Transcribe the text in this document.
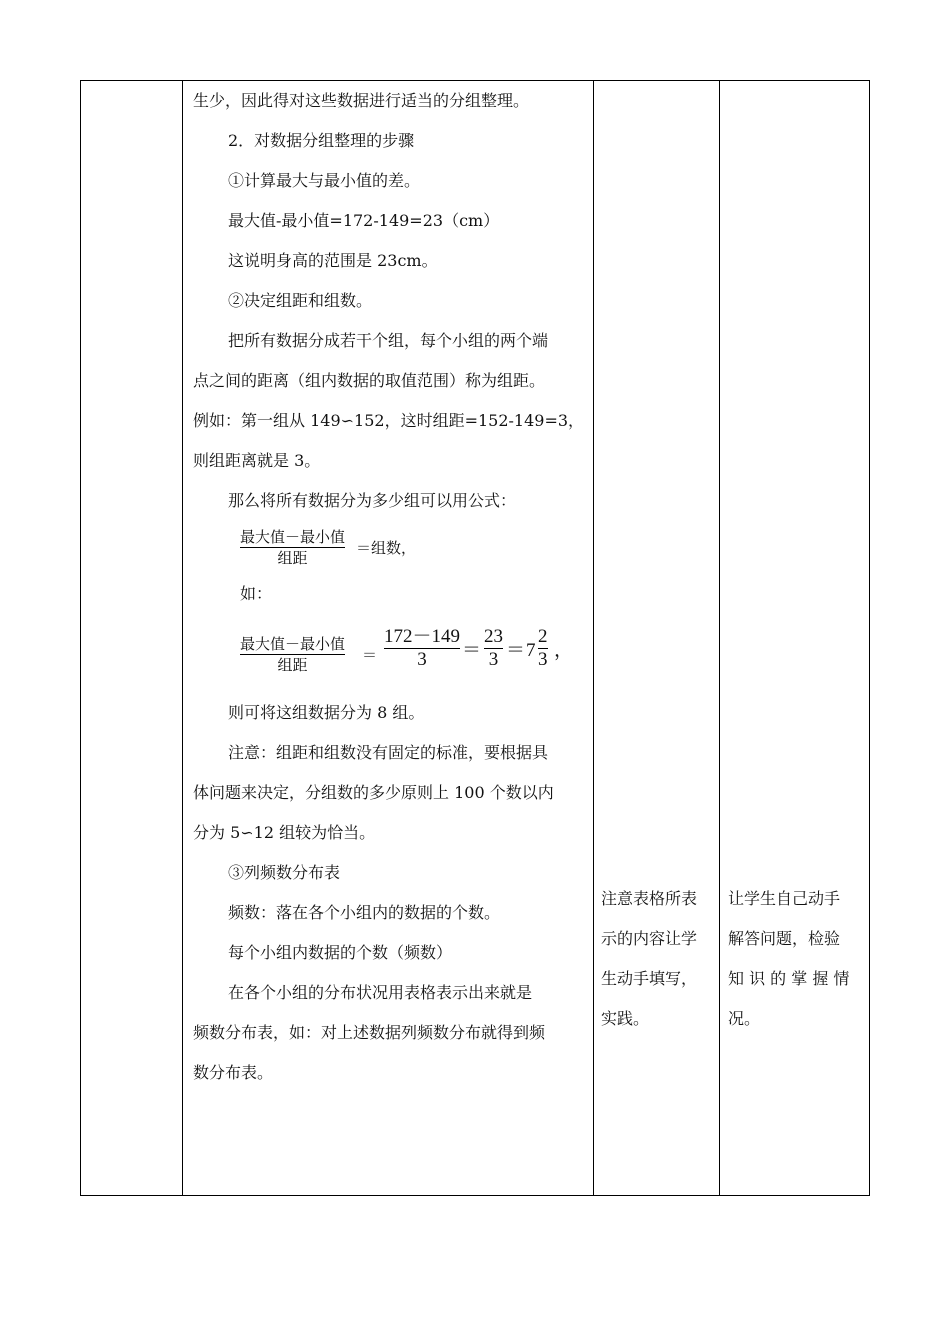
生少，因此得对这些数据进行适当的分组整理。
2．对数据分组整理的步骤
①计算最大与最小值的差。
最大值-最小值=172-149=23（cm）
这说明身高的范围是 23cm。
②决定组距和组数。
把所有数据分成若干个组，每个小组的两个端
点之间的距离（组内数据的取值范围）称为组距。
例如：第一组从 149∽152，这时组距=152-149=3，
则组距离就是 3。
那么将所有数据分为多少组可以用公式：
最大值－最小值
组距
＝组数，
如：
最大值－最小值
组距
＝
172－149
3 ＝
23
3 ＝ 7
2
3 ，
则可将这组数据分为 8 组。
注意：组距和组数没有固定的标准，要根据具
体问题来决定，分组数的多少原则上 100 个数以内
分为 5∽12 组较为恰当。
③列频数分布表
频数：落在各个小组内的数据的个数。
每个小组内数据的个数（频数）
在各个小组的分布状况用表格表示出来就是
频数分布表，如：对上述数据列频数分布就得到频
数分布表。
注意表格所表
示的内容让学
生动手填写，
实践。
让学生自己动手
解答问题，检验
知 识 的 掌 握 情
况。
